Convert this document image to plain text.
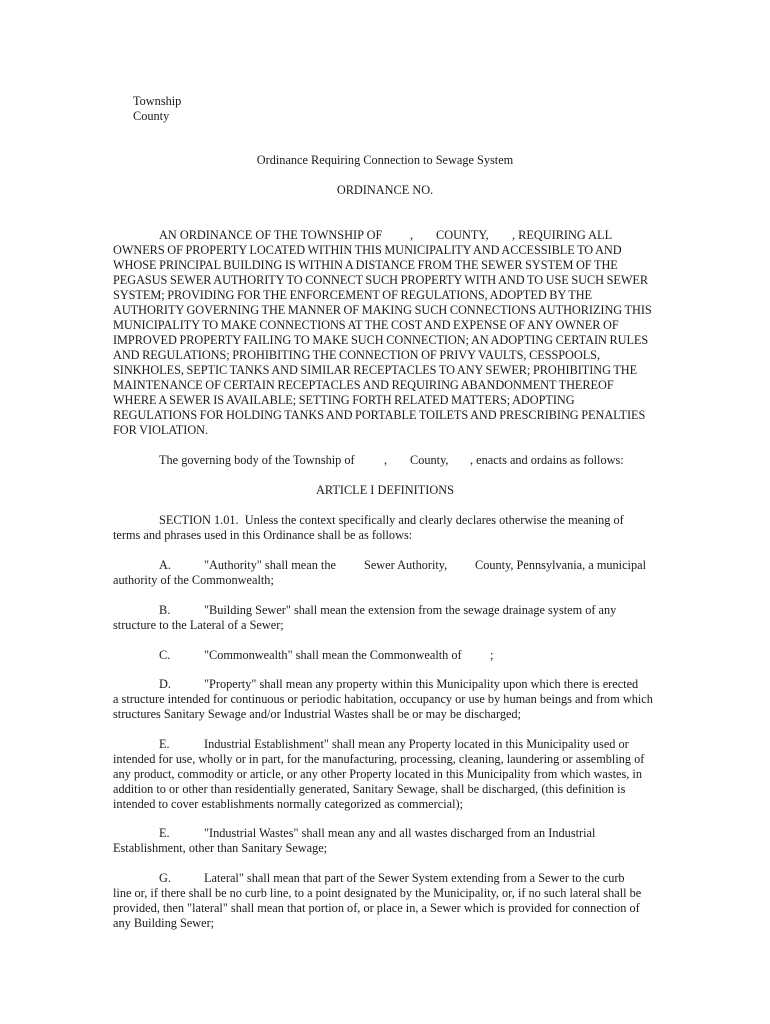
Township
County
Ordinance Requiring Connection to Sewage System
ORDINANCE NO.
AN ORDINANCE OF THE TOWNSHIP OF , COUNTY, , REQUIRING ALL

OWNERS OF PROPERTY LOCATED WITHIN THIS MUNICIPALITY AND ACCESSIBLE TO AND WHOSE PRINCIPAL BUILDING IS WITHIN A DISTANCE FROM THE SEWER SYSTEM OF THE PEGASUS SEWER AUTHORITY TO CONNECT SUCH PROPERTY WITH AND TO USE SUCH SEWER SYSTEM; PROVIDING FOR THE ENFORCEMENT OF REGULATIONS, ADOPTED BY THE AUTHORITY GOVERNING THE MANNER OF MAKING SUCH CONNECTIONS AUTHORIZING THIS MUNICIPALITY TO MAKE CONNECTIONS AT THE COST AND EXPENSE OF ANY OWNER OF IMPROVED PROPERTY FAILING TO MAKE SUCH CONNECTION; AN ADOPTING CERTAIN RULES AND REGULATIONS; PROHIBITING THE CONNECTION OF PRIVY VAULTS, CESSPOOLS, SINKHOLES, SEPTIC TANKS AND SIMILAR RECEPTACLES TO ANY SEWER; PROHIBITING THE MAINTENANCE OF CERTAIN RECEPTACLES AND REQUIRING ABANDONMENT THEREOF WHERE A SEWER IS AVAILABLE; SETTING FORTH RELATED MATTERS; ADOPTING REGULATIONS FOR HOLDING TANKS AND PORTABLE TOILETS AND PRESCRIBING PENALTIES FOR VIOLATION.

The governing body of the Township of , County, , enacts and ordains as follows:
ARTICLE I DEFINITIONS
SECTION 1.01.  Unless the context specifically and clearly declares otherwise the meaning of
terms and phrases used in this Ordinance shall be as follows:
A.	"Authority" shall mean the Sewer Authority, County, Pennsylvania, a municipal
authority of the Commonwealth;
B.	"Building Sewer" shall mean the extension from the sewage drainage system of any
structure to the Lateral of a Sewer;
C.	"Commonwealth" shall mean the Commonwealth of ;
D.	"Property" shall mean any property within this Municipality upon which there is erected

a structure intended for continuous or periodic habitation, occupancy or use by human beings and from which structures Sanitary Sewage and/or Industrial Wastes shall be or may be discharged;

E.	Industrial Establishment" shall mean any Property located in this Municipality used or

intended for use, wholly or in part, for the manufacturing, processing, cleaning, laundering or assembling of any product, commodity or article, or any other Property located in this Municipality from which wastes, in addition to or other than residentially generated, Sanitary Sewage, shall be discharged, (this definition is intended to cover establishments normally categorized as commercial);

E.	"Industrial Wastes" shall mean any and all wastes discharged from an Industrial
Establishment, other than Sanitary Sewage;
G.	Lateral" shall mean that part of the Sewer System extending from a Sewer to the curb

line or, if there shall be no curb line, to a point designated by the Municipality, or, if no such lateral shall be provided, then "lateral" shall mean that portion of, or place in, a Sewer which is provided for connection of any Building Sewer;
